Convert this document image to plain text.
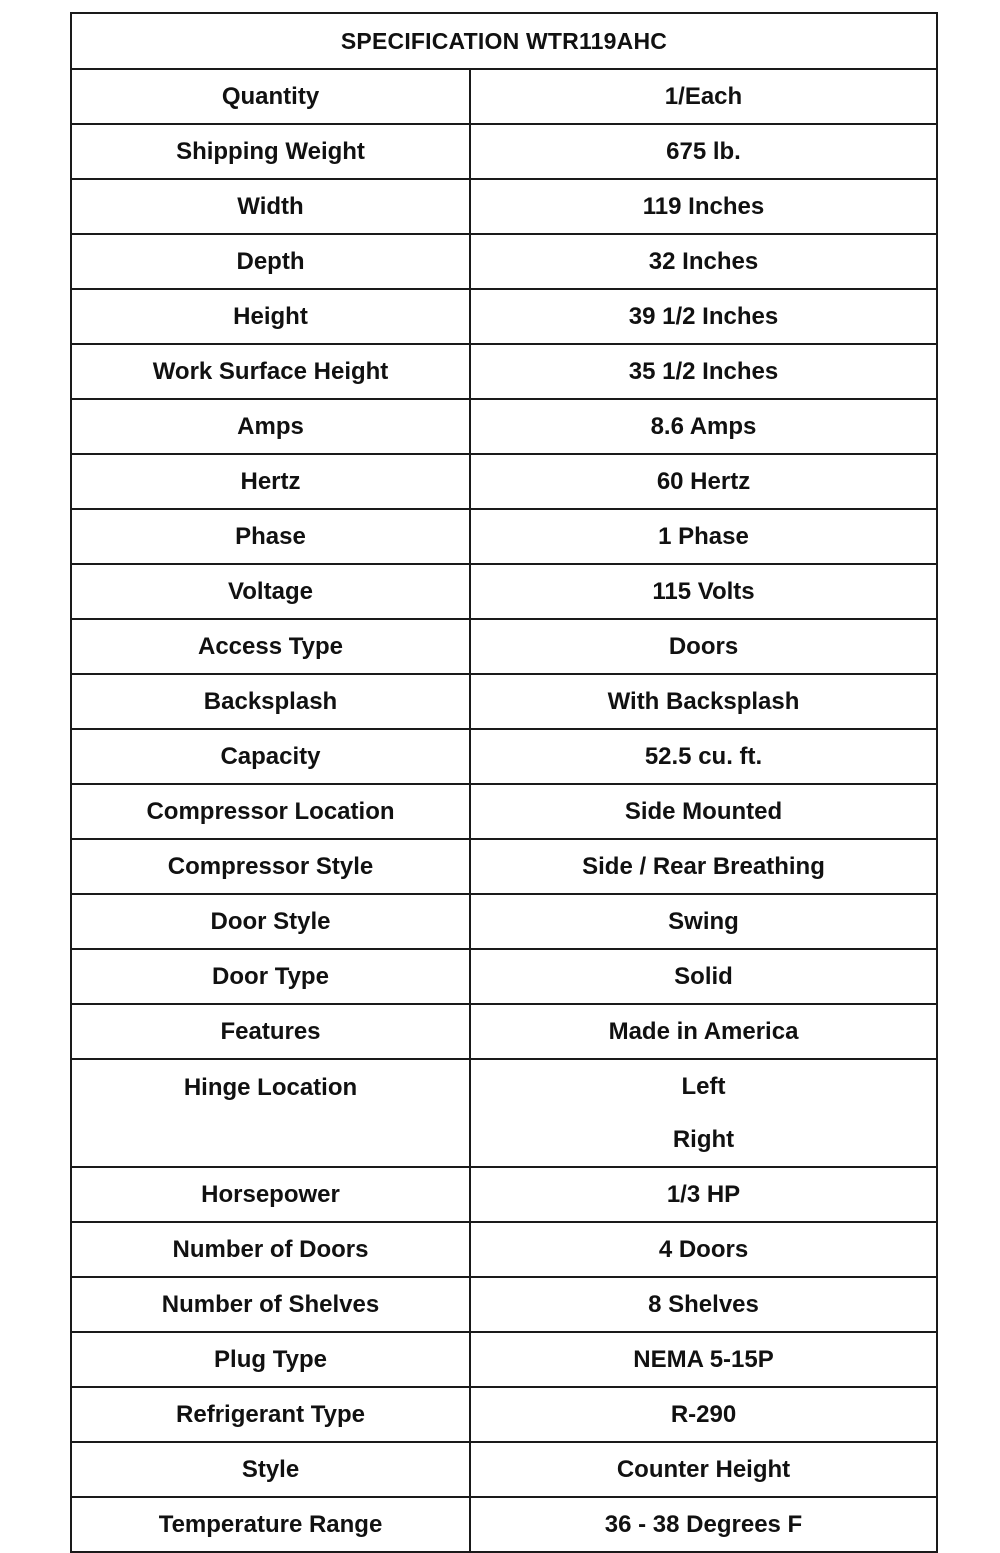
SPECIFICATION WTR119AHC	
Quantity	1/Each

Shipping Weight	675 lb.

Width	119 Inches

Depth	32 Inches

Height	39 1/2 Inches

Work Surface Height	35 1/2 Inches

Amps	8.6 Amps

Hertz	60 Hertz

Phase	1 Phase

Voltage	115 Volts

Access Type	Doors

Backsplash	With Backsplash

Capacity	52.5 cu. ft.

Compressor Location	Side Mounted

Compressor Style	Side / Rear Breathing

Door Style	Swing

Door Type	Solid

Features	Made in America

Hinge Location	Left
Right

Horsepower	1/3 HP

Number of Doors	4 Doors

Number of Shelves	8 Shelves

Plug Type	NEMA 5-15P

Refrigerant Type	R-290

Style	Counter Height

Temperature Range	36 - 38 Degrees F
